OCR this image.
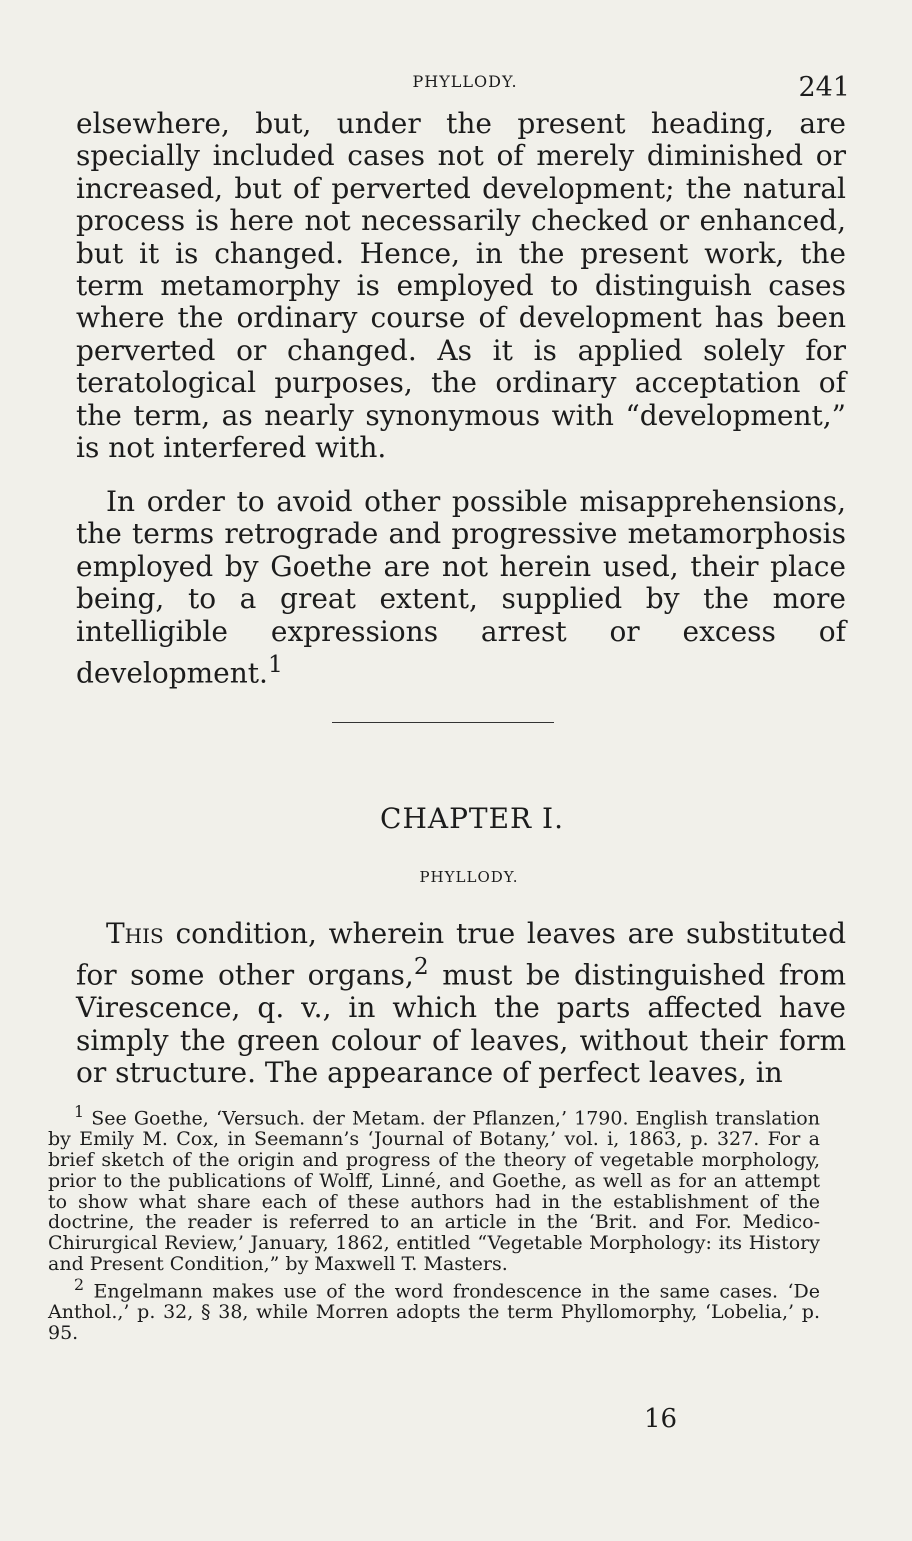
PHYLLODY.	241

elsewhere, but, under the present heading, are specially included cases not of merely diminished or increased, but of perverted development; the natural process is here not necessarily checked or enhanced, but it is changed. Hence, in the present work, the term metamorphy is employed to distinguish cases where the ordinary course of development has been perverted or changed. As it is applied solely for teratological purposes, the ordinary acceptation of the term, as nearly synonymous with “development,” is not interfered with.

In order to avoid other possible misapprehensions, the terms retrograde and progressive metamorphosis employed by Goethe are not herein used, their place being, to a great extent, supplied by the more intelligible expressions arrest or excess of development.$^1$

CHAPTER I.
PHYLLODY.

This condition, wherein true leaves are substituted for some other organs,$^2$ must be distinguished from Virescence, q. v., in which the parts affected have simply the green colour of leaves, without their form or structure. The appearance of perfect leaves, in

$^1$ See Goethe, ‘Versuch. der Metam. der Pflanzen,’ 1790. English translation by Emily M. Cox, in Seemann’s ‘Journal of Botany,’ vol. i, 1863, p. 327. For a brief sketch of the origin and progress of the theory of vegetable morphology, prior to the publications of Wolff, Linné, and Goethe, as well as for an attempt to show what share each of these authors had in the establishment of the doctrine, the reader is referred to an article in the ‘Brit. and For. Medico-Chirurgical Review,’ January, 1862, entitled “Vegetable Morphology: its History and Present Condition,” by Maxwell T. Masters.

$^2$ Engelmann makes use of the word frondescence in the same cases. ‘De Anthol.,’ p. 32, § 38, while Morren adopts the term Phyllomorphy, ‘Lobelia,’ p. 95.

16
